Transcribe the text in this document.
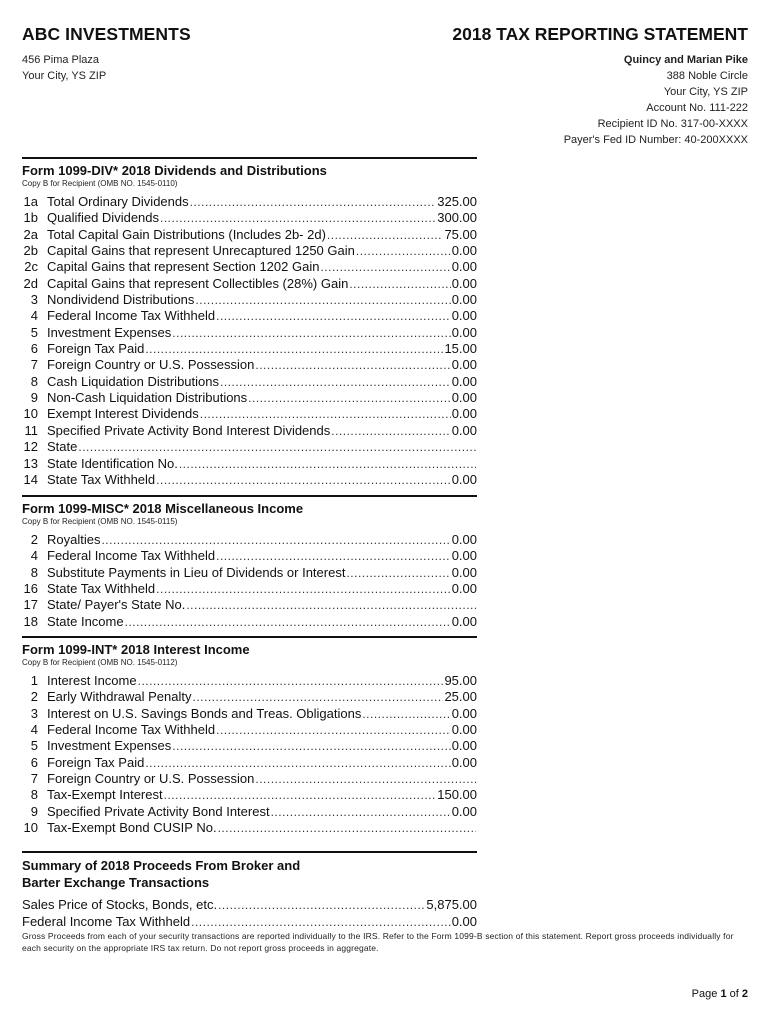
ABC INVESTMENTS
456 Pima Plaza
Your City, YS ZIP
2018 TAX REPORTING STATEMENT
Quincy and Marian Pike
388 Noble Circle
Your City, YS ZIP
Account No. 111-222
Recipient ID No. 317-00-XXXX
Payer's Fed ID Number: 40-200XXXX
Form 1099-DIV* 2018 Dividends and Distributions
Copy B for Recipient (OMB NO. 1545-0110)
1a Total Ordinary Dividends .....	325.00
1b Qualified Dividends .....	300.00
2a Total Capital Gain Distributions (Includes 2b- 2d) .....	75.00
2b Capital Gains that represent Unrecaptured 1250 Gain .....	0.00
2c Capital Gains that represent Section 1202 Gain .....	0.00
2d Capital Gains that represent Collectibles (28%) Gain .....	0.00
3 Nondividend Distributions .....	0.00
4 Federal Income Tax Withheld .....	0.00
5 Investment Expenses .....	0.00
6 Foreign Tax Paid .....	15.00
7 Foreign Country or U.S. Possession .....	0.00
8 Cash Liquidation Distributions .....	0.00
9 Non-Cash Liquidation Distributions .....	0.00
10 Exempt Interest Dividends .....	0.00
11 Specified Private Activity Bond Interest Dividends .....	0.00
12 State
.....
13 State Identification No.
.....
14 State Tax Withheld .....	0.00
Form 1099-MISC* 2018 Miscellaneous Income
Copy B for Recipient (OMB NO. 1545-0115)
2 Royalties .....	0.00
4 Federal Income Tax Withheld .....	0.00
8 Substitute Payments in Lieu of Dividends or Interest .....	0.00
16 State Tax Withheld .....	0.00
17 State/ Payer's State No.
.....
18 State Income .....	0.00
Form 1099-INT* 2018 Interest Income
Copy B for Recipient (OMB NO. 1545-0112)
1 Interest Income .....	95.00
2 Early Withdrawal Penalty .....	25.00
3 Interest on U.S. Savings Bonds and Treas. Obligations .....	0.00
4 Federal Income Tax Withheld .....	0.00
5 Investment Expenses .....	0.00
6 Foreign Tax Paid .....	0.00
7 Foreign Country or U.S. Possession
.....
8 Tax-Exempt Interest .....	150.00
9 Specified Private Activity Bond Interest .....	0.00
10 Tax-Exempt Bond CUSIP No.
.....
Summary of 2018 Proceeds From Broker and
Barter Exchange Transactions
Sales Price of Stocks, Bonds, etc. .....	5,875.00
Federal Income Tax Withheld .....	0.00
Gross Proceeds from each of your security transactions are reported individually to the IRS. Refer to the Form 1099-B section of this statement. Report gross proceeds individually for each security on the appropriate IRS tax return. Do not report gross proceeds in aggregate.
Page 1 of 2
